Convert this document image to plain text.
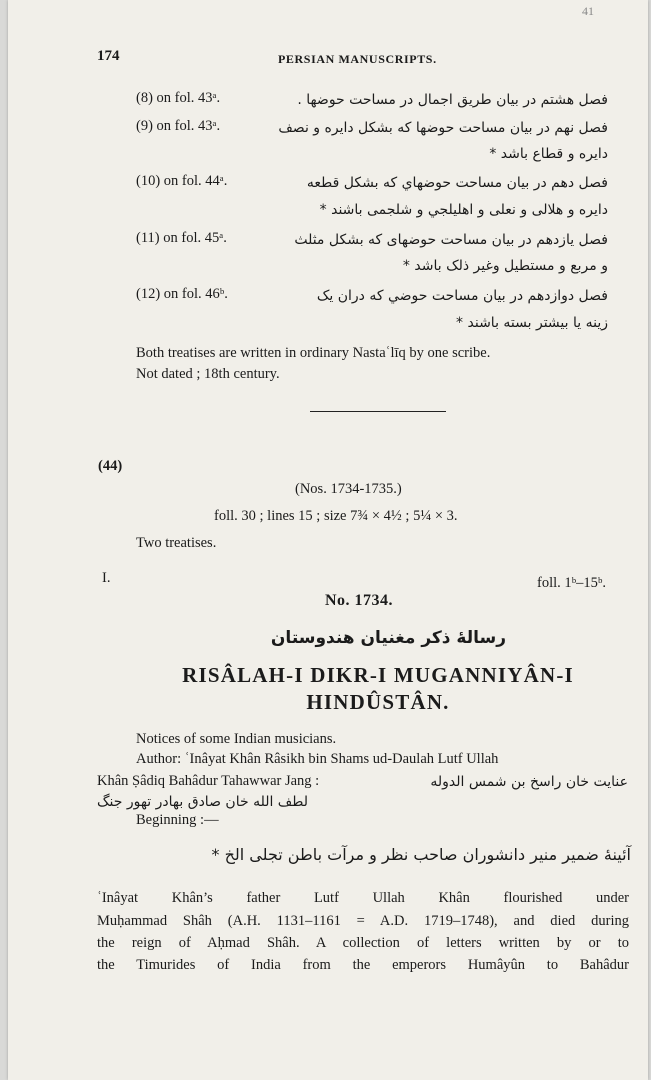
41
174	PERSIAN MANUSCRIPTS.
(8) on fol. 43ᵃ.	فصل هشتم در بیان طریق اجمال در مساحت حوضها .
(9) on fol. 43ᵃ.	فصل نهم در بیان مساحت حوضها که بشکل دایره و نصف
دایره و قطاع باشد *
(10) on fol. 44ᵃ.	فصل دهم در بیان مساحت حوضهاي که بشکل قطعه
دایره و هلالی و نعلی و اهلیلجي و شلجمی باشند *
(11) on fol. 45ᵃ.	فصل یازدهم در بیان مساحت حوضهای که بشکل مثلث
و مربع و مستطیل وغیر ذلک باشد *
(12) on fol. 46ᵇ.	فصل دوازدهم در بیان مساحت حوضي که دران یک
زینه یا بیشتر بسته باشند *
Both treatises are written in ordinary Nastaʿlīq by one scribe.
Not dated ; 18th century.
(44)
(Nos. 1734-1735.)
foll. 30 ; lines 15 ; size 7¾ × 4½ ; 5¼ × 3.
Two treatises.
I.	foll. 1ᵇ–15ᵇ.
No. 1734.
رسالۀ ذکر مغنیان هندوستان
RISÂLAH-I DIKR-I MUGANNIYÂN-I HINDÛSTÂN.
Notices of some Indian musicians.
Author: ʿInâyat Khân Râsikh bin Shams ud-Daulah Lutf Ullah
Khân Ṣâdiq Bahâdur Tahawwar Jang :	عنایت خان راسخ بن شمس الدوله
لطف الله خان صادق بهادر تهور جنگ
Beginning :—
آئینۀ ضمیر منیر دانشوران صاحب نظر و مرآت باطن تجلی الخ *
ʿInâyat Khân’s father Lutf Ullah Khân flourished under
Muḥammad Shâh (A.H. 1131–1161 = A.D. 1719–1748), and died during
the reign of Aḥmad Shâh. A collection of letters written by or to
the Timurides of India from the emperors Humâyûn to Bahâdur
